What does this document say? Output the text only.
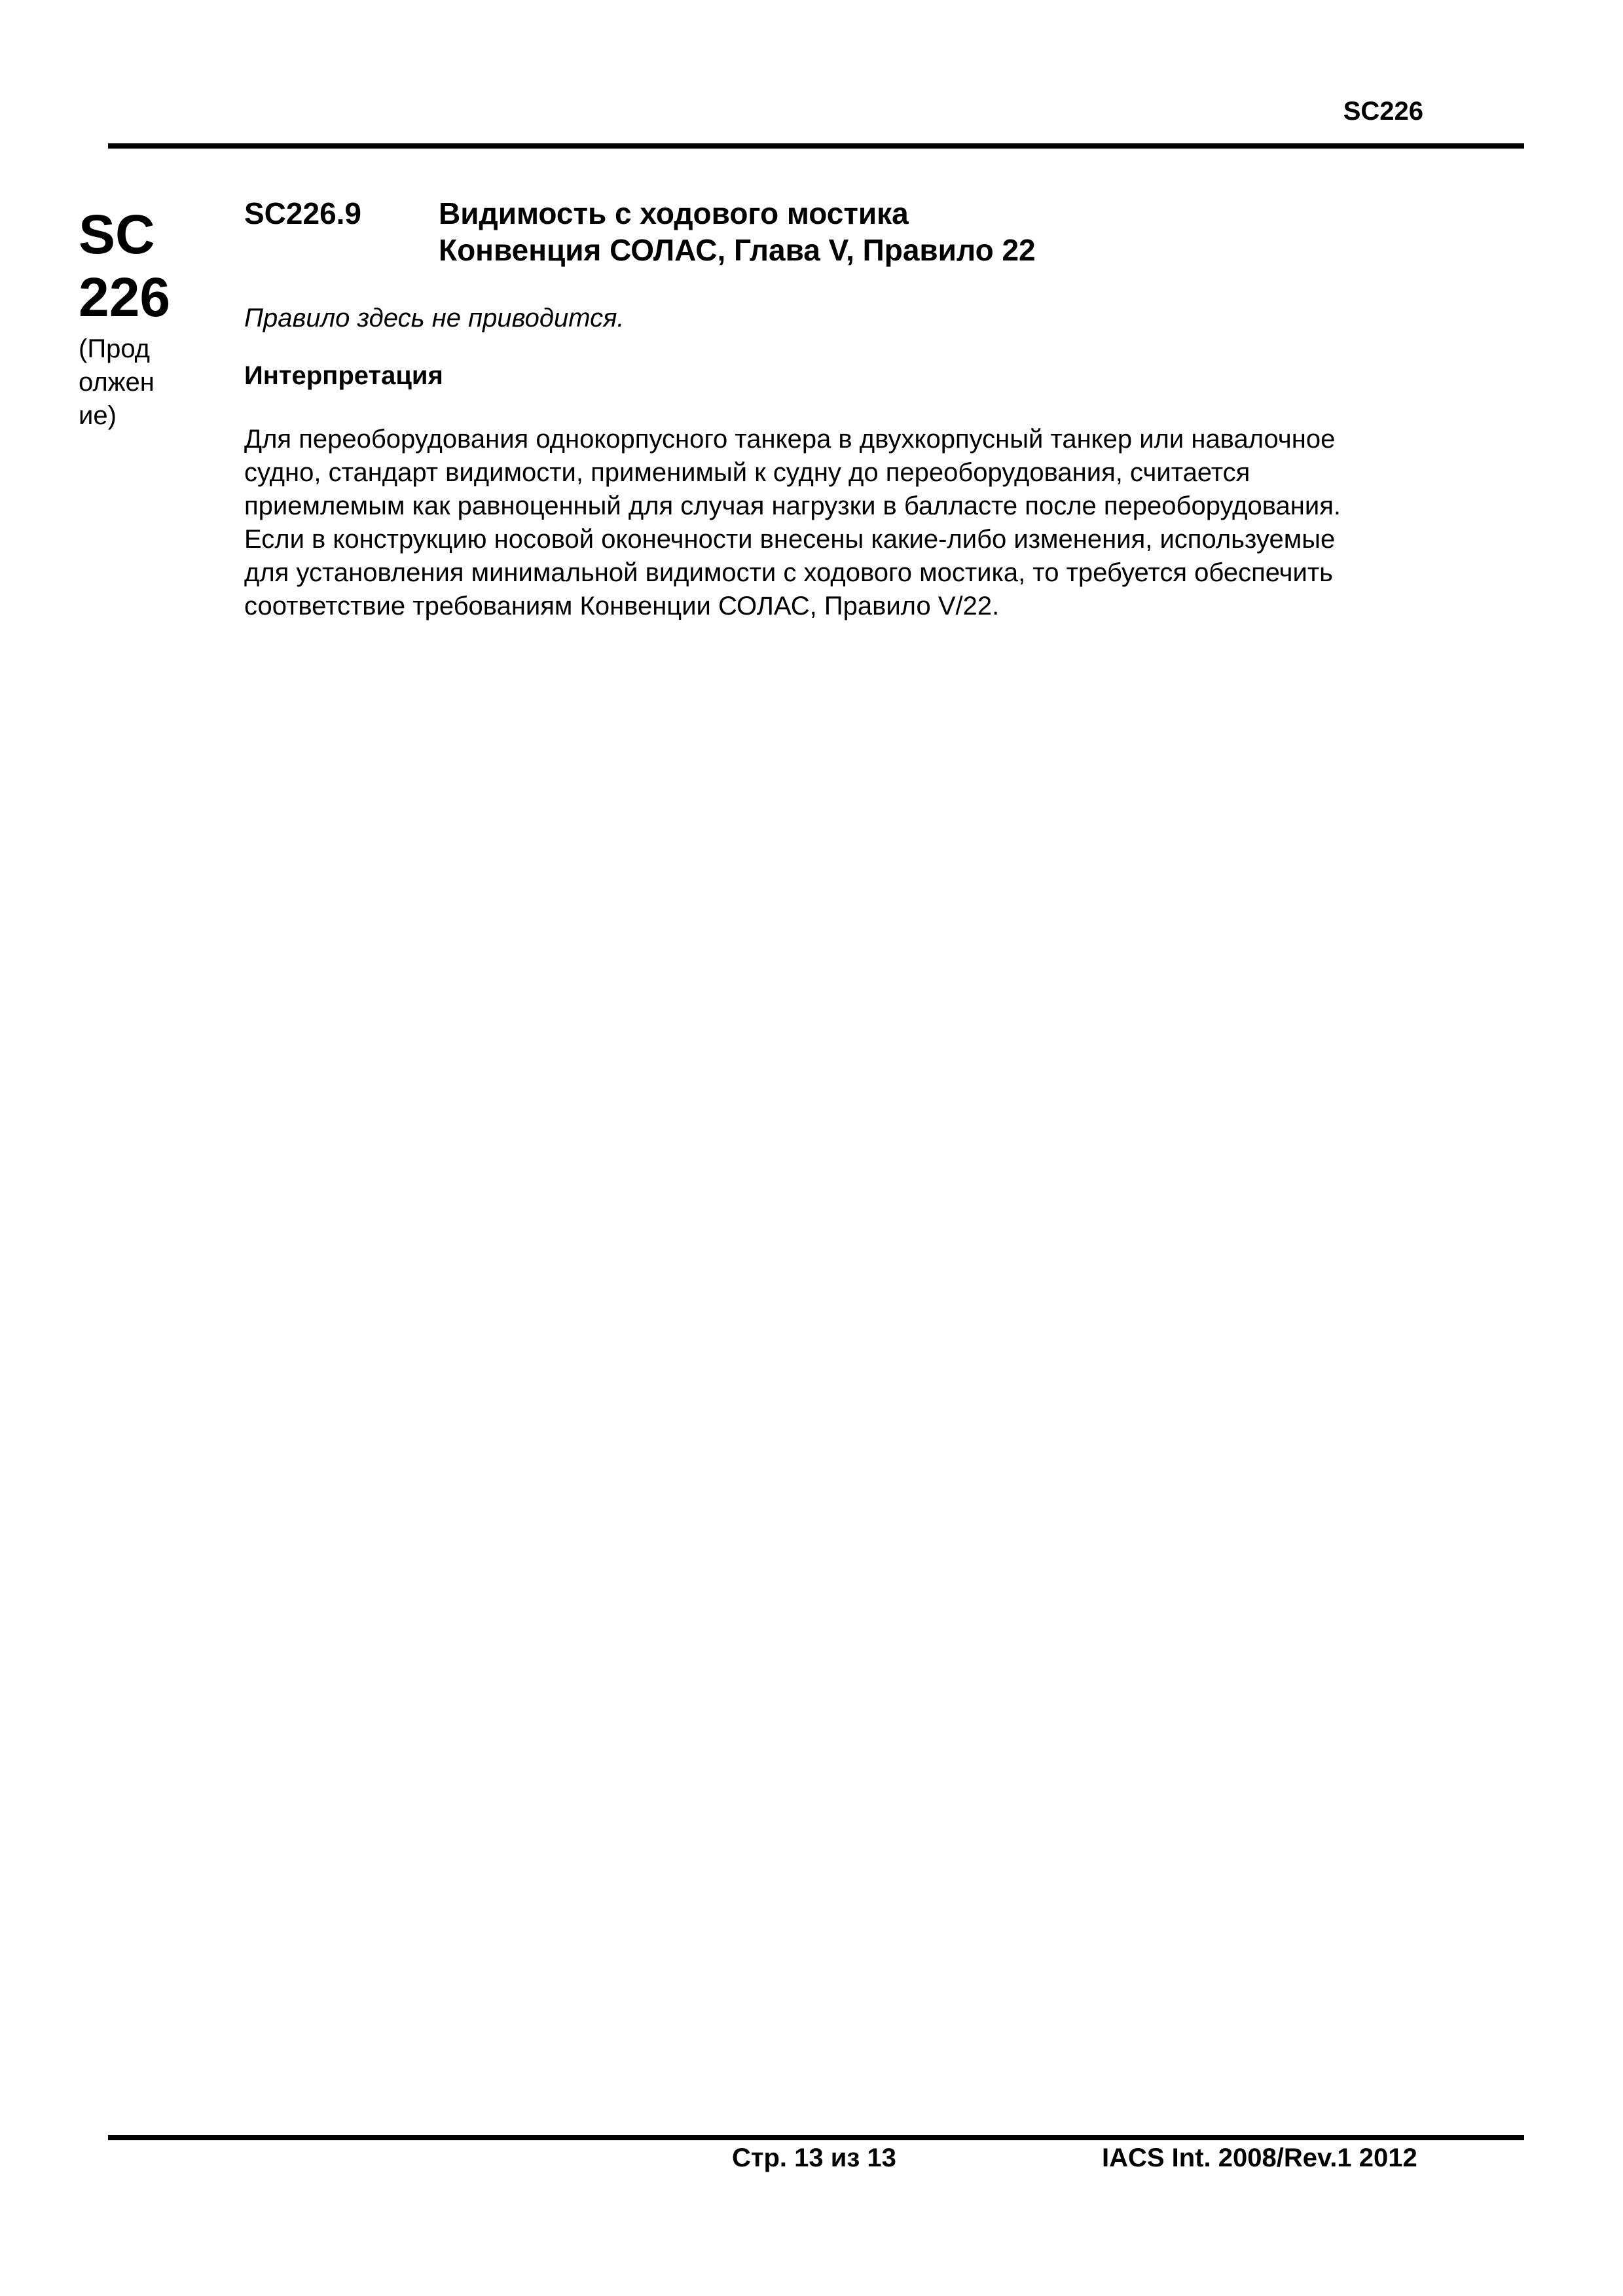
SC226
SC
226
(Прод
олжен
ие)
SC226.9	Видимость с ходового мостика
Конвенция СОЛАС, Глава V, Правило 22
Правило здесь не приводится.
Интерпретация
Для переоборудования однокорпусного танкера в двухкорпусный танкер или навалочное
судно, стандарт видимости, применимый к судну до переоборудования, считается
приемлемым как равноценный для случая нагрузки в балласте после переоборудования.
Если в конструкцию носовой оконечности внесены какие-либо изменения, используемые
для установления минимальной видимости с ходового мостика, то требуется обеспечить
соответствие требованиям Конвенции СОЛАС, Правило V/22.
Стр. 13 из 13	IACS Int. 2008/Rev.1 2012
